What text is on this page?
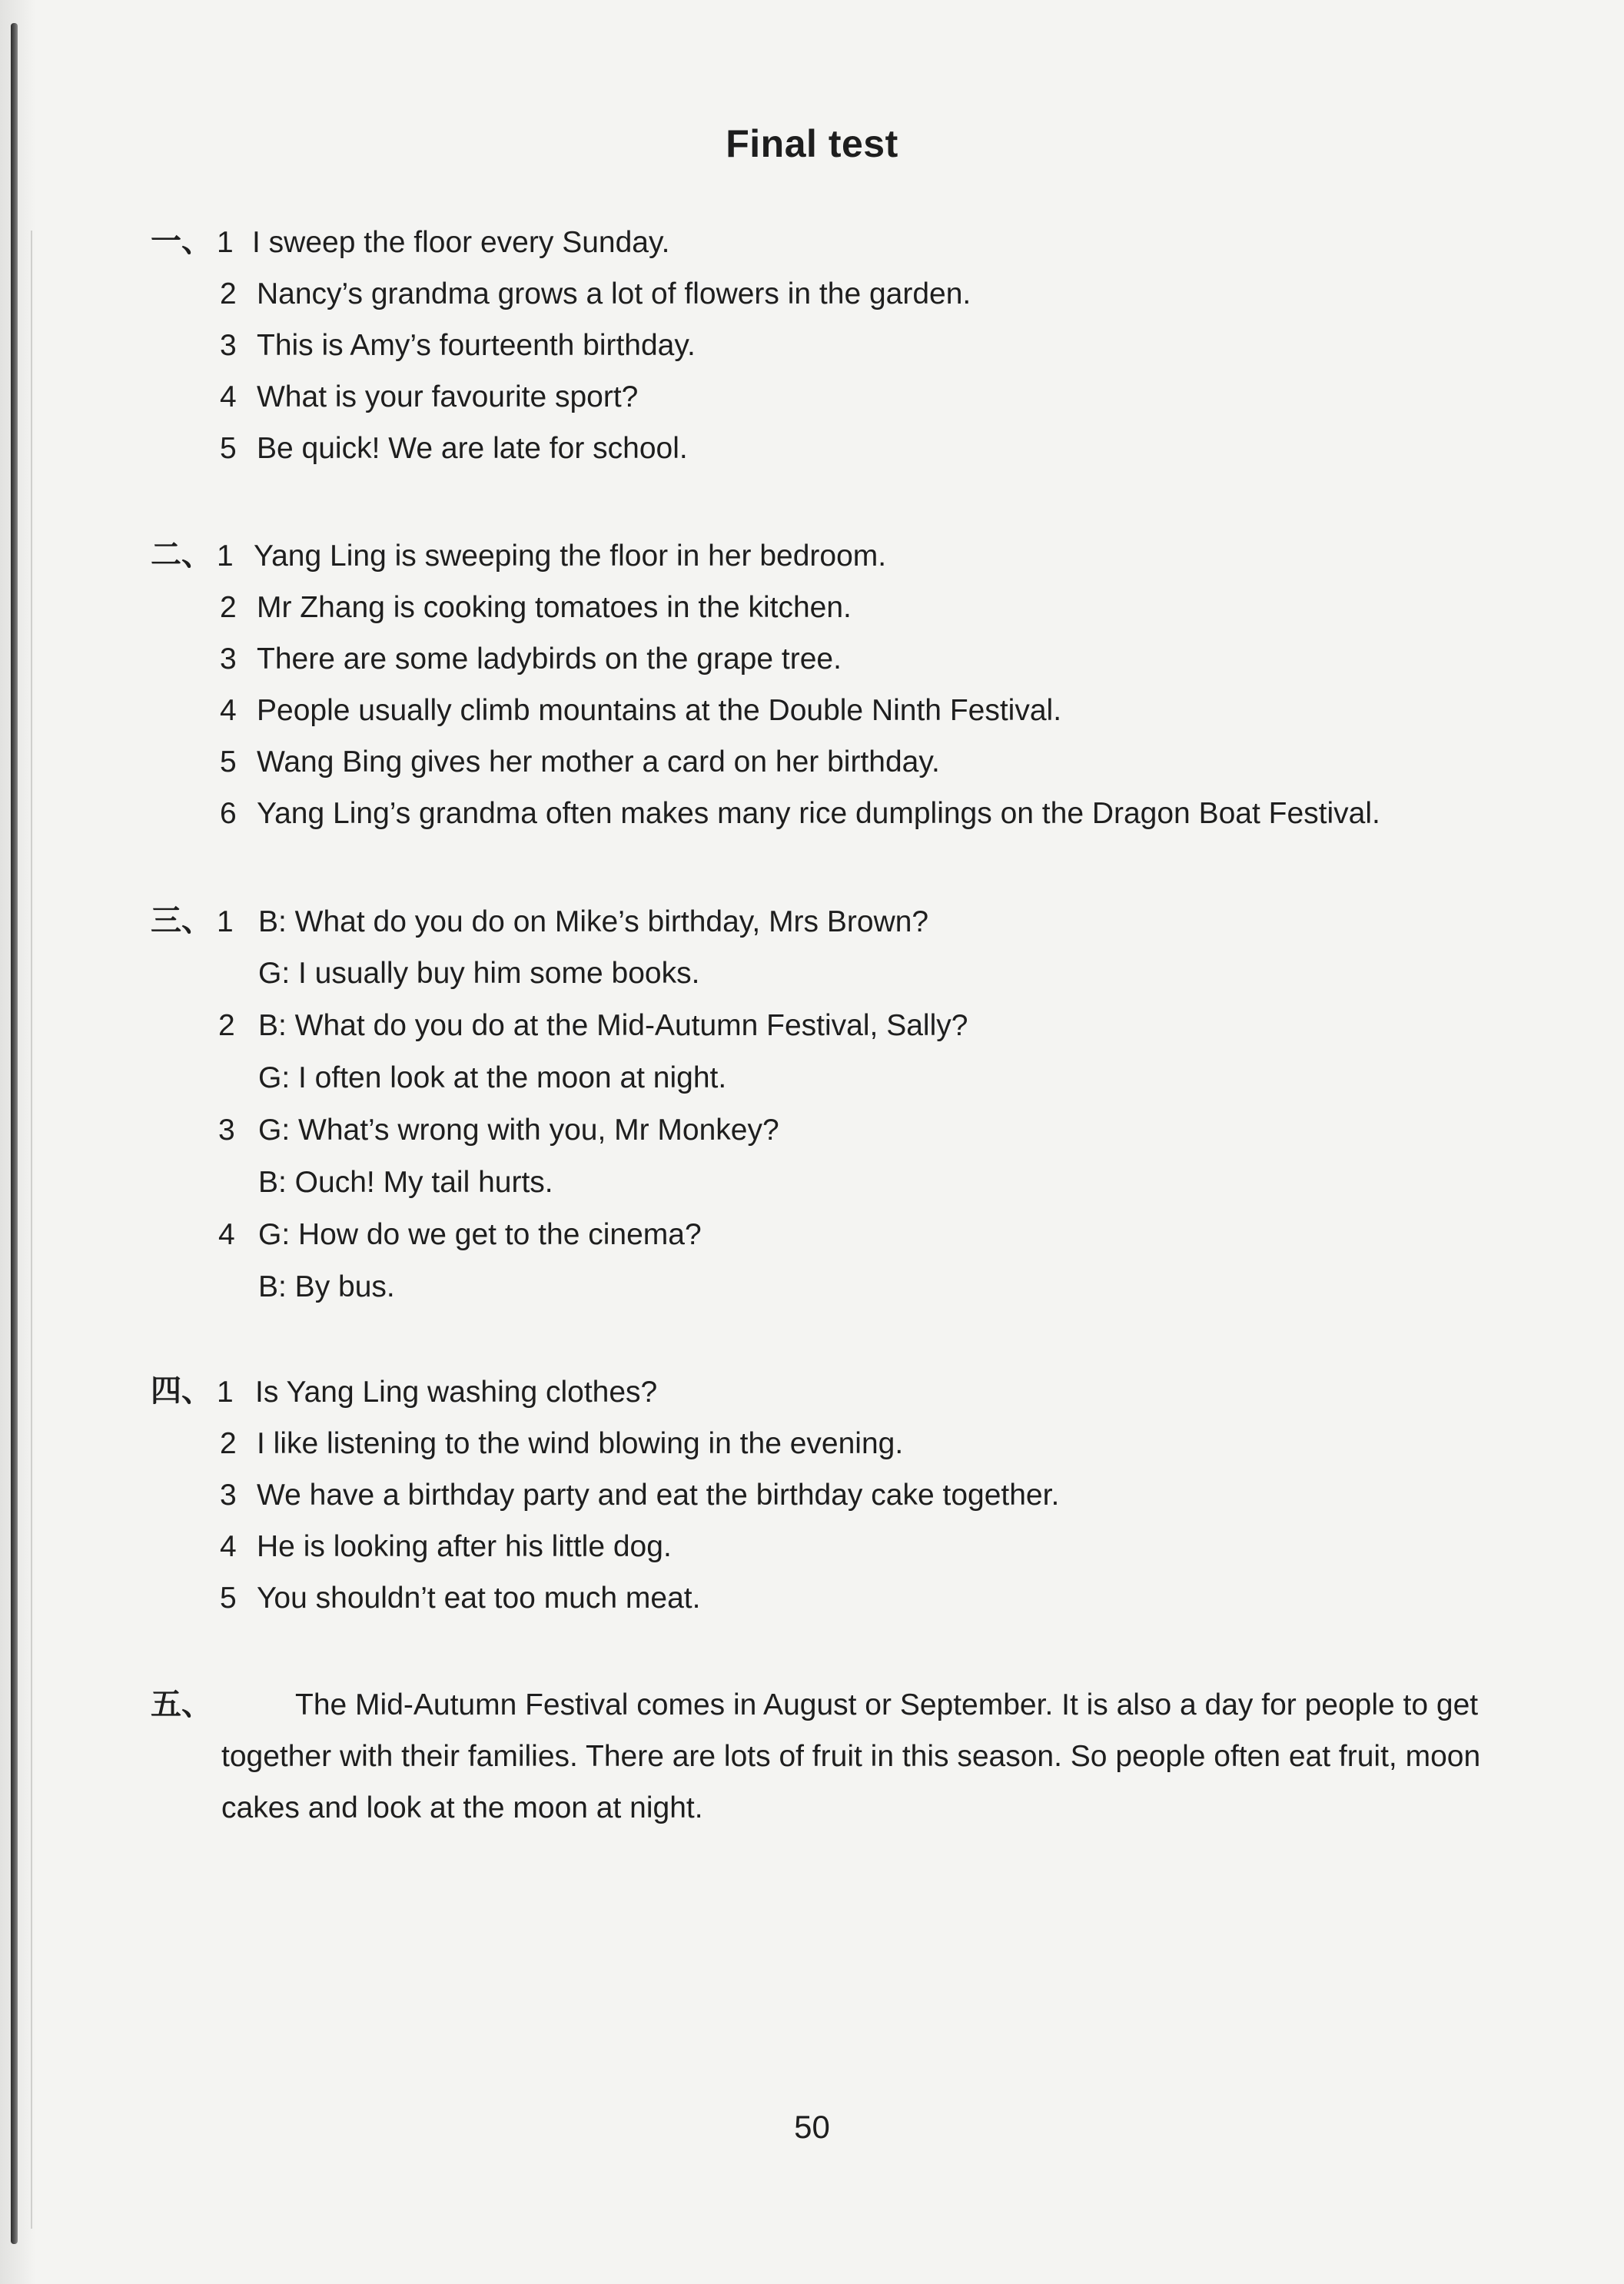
Final test
一、 1 I sweep the floor every Sunday.
2 Nancy’s grandma grows a lot of flowers in the garden.
3 This is Amy’s fourteenth birthday.
4 What is your favourite sport?
5 Be quick! We are late for school.
二、 1 Yang Ling is sweeping the floor in her bedroom.
2 Mr Zhang is cooking tomatoes in the kitchen.
3 There are some ladybirds on the grape tree.
4 People usually climb mountains at the Double Ninth Festival.
5 Wang Bing gives her mother a card on her birthday.
6 Yang Ling’s grandma often makes many rice dumplings on the Dragon Boat Festival.
三、 1 B: What do you do on Mike’s birthday, Mrs Brown?
G: I usually buy him some books.
2 B: What do you do at the Mid-Autumn Festival, Sally?
G: I often look at the moon at night.
3 G: What’s wrong with you, Mr Monkey?
B: Ouch! My tail hurts.
4 G: How do we get to the cinema?
B: By bus.
四、 1 Is Yang Ling washing clothes?
2 I like listening to the wind blowing in the evening.
3 We have a birthday party and eat the birthday cake together.
4 He is looking after his little dog.
5 You shouldn’t eat too much meat.
五、	The Mid-Autumn Festival comes in August or September. It is also a day for people to get together with their families. There are lots of fruit in this season. So people often eat fruit, moon cakes and look at the moon at night.
50
